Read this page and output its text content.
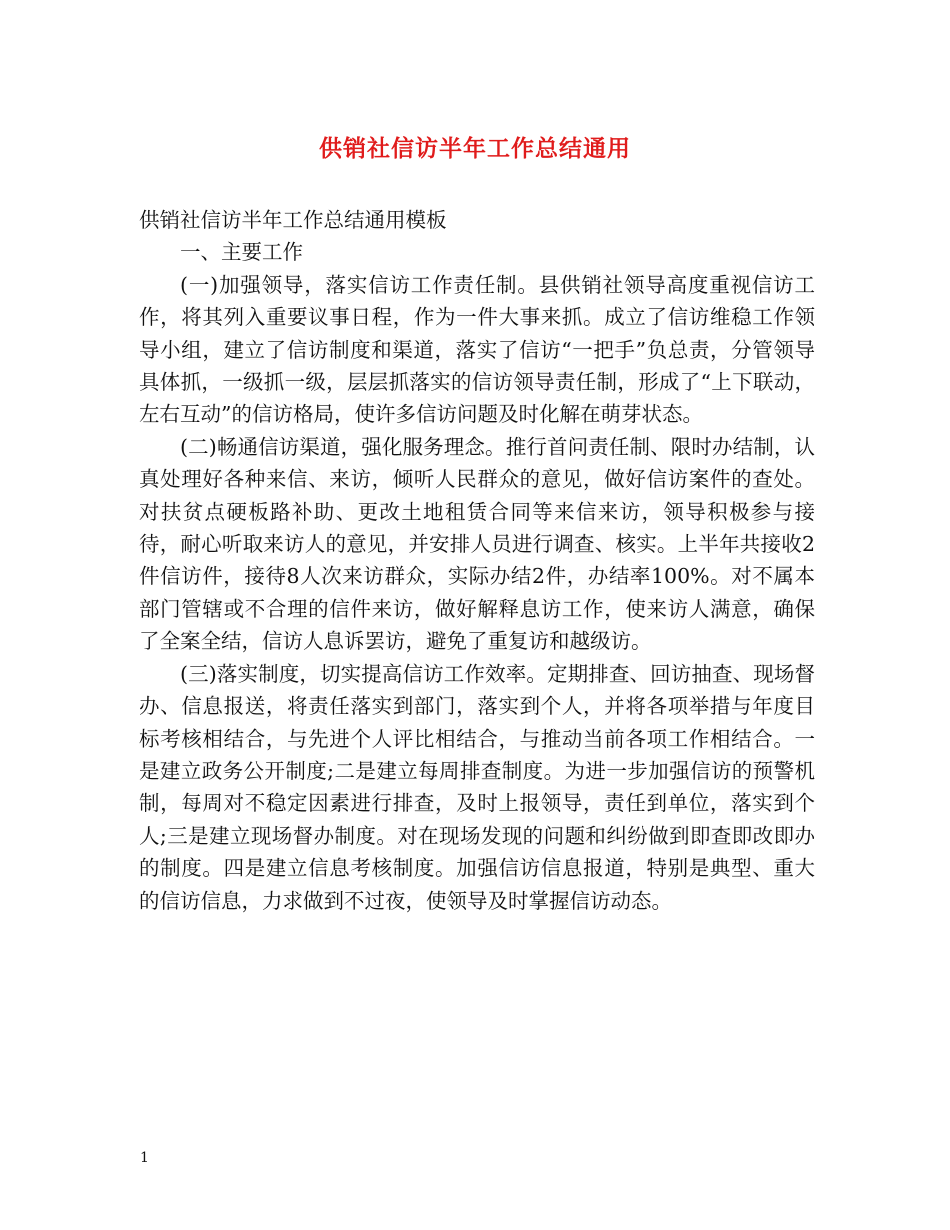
供销社信访半年工作总结通用

供销社信访半年工作总结通用模板

一、主要工作

(一)加强领导，落实信访工作责任制。县供销社领导高度重视信访工作，将其列入重要议事日程，作为一件大事来抓。成立了信访维稳工作领导小组，建立了信访制度和渠道，落实了信访“一把手”负总责，分管领导具体抓，一级抓一级，层层抓落实的信访领导责任制，形成了“上下联动，左右互动”的信访格局，使许多信访问题及时化解在萌芽状态。

(二)畅通信访渠道，强化服务理念。推行首问责任制、限时办结制，认真处理好各种来信、来访，倾听人民群众的意见，做好信访案件的查处。对扶贫点硬板路补助、更改土地租赁合同等来信来访，领导积极参与接待，耐心听取来访人的意见，并安排人员进行调查、核实。上半年共接收2件信访件，接待8人次来访群众，实际办结2件，办结率100%。对不属本部门管辖或不合理的信件来访，做好解释息访工作，使来访人满意，确保了全案全结，信访人息诉罢访，避免了重复访和越级访。

(三)落实制度，切实提高信访工作效率。定期排查、回访抽查、现场督办、信息报送，将责任落实到部门，落实到个人，并将各项举措与年度目标考核相结合，与先进个人评比相结合，与推动当前各项工作相结合。一是建立政务公开制度;二是建立每周排查制度。为进一步加强信访的预警机制，每周对不稳定因素进行排查，及时上报领导，责任到单位，落实到个人;三是建立现场督办制度。对在现场发现的问题和纠纷做到即查即改即办的制度。四是建立信息考核制度。加强信访信息报道，特别是典型、重大的信访信息，力求做到不过夜，使领导及时掌握信访动态。

1
